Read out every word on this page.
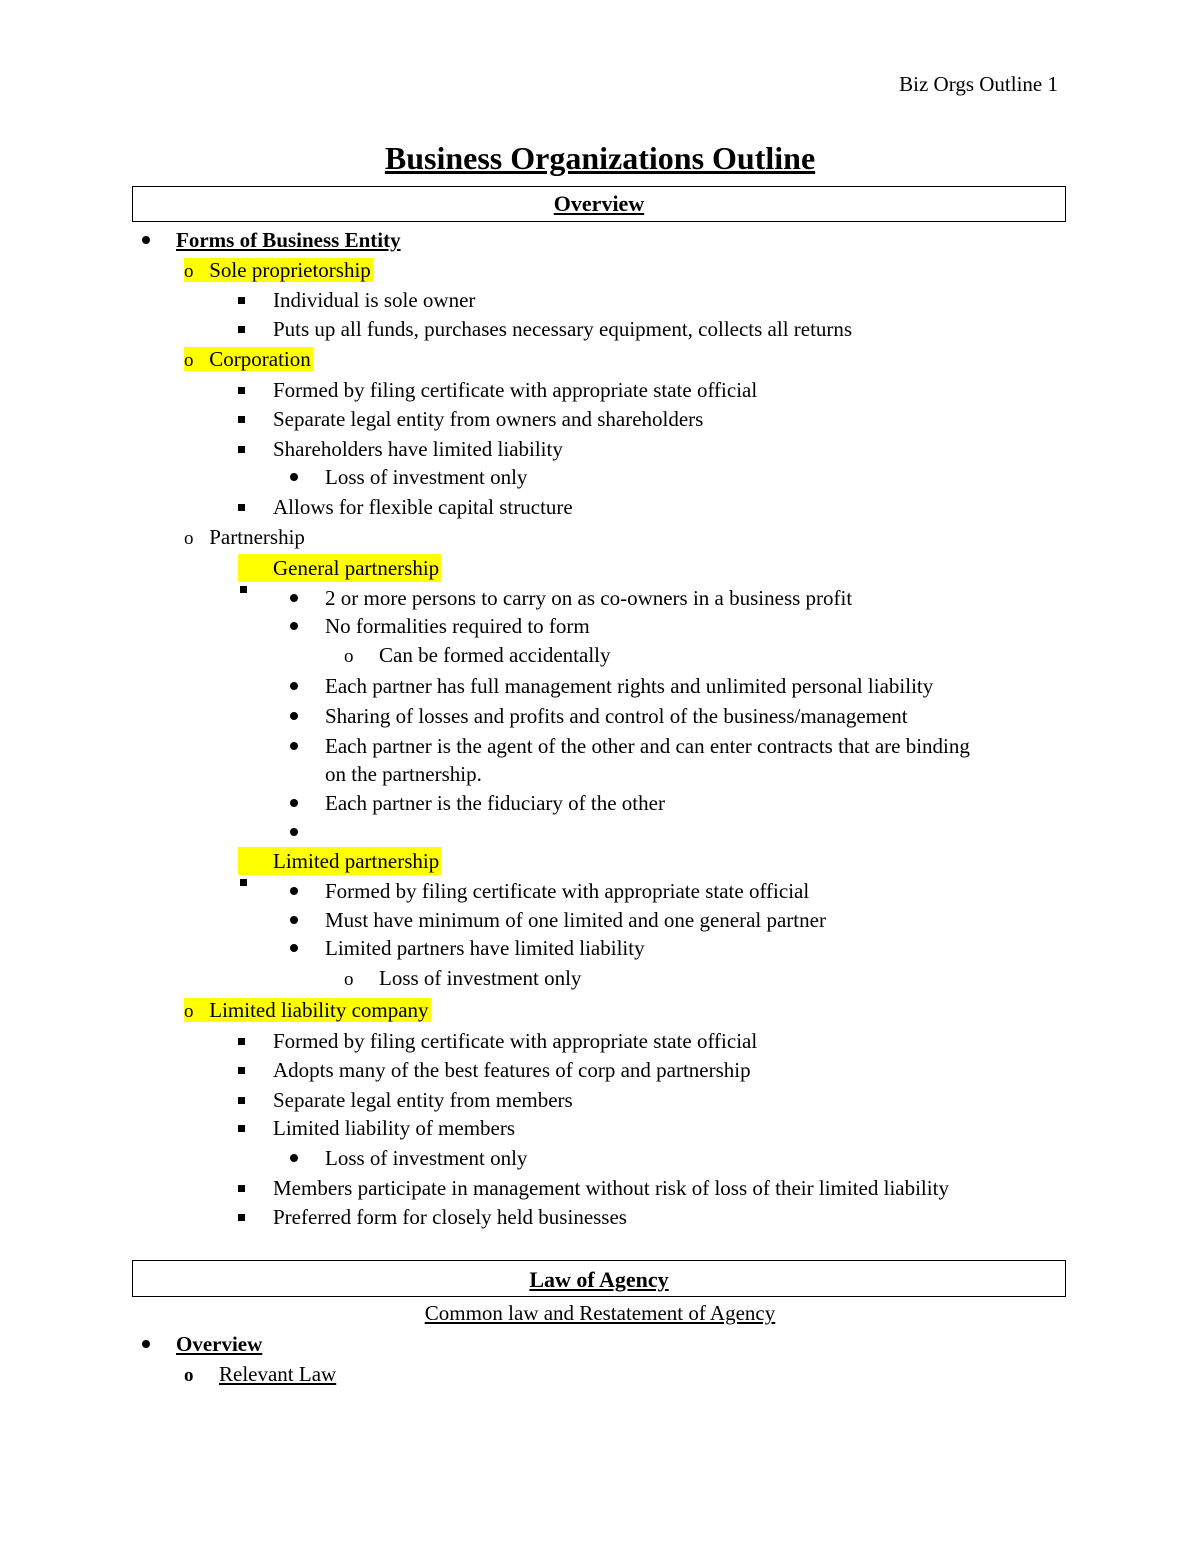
Biz Orgs Outline 1
Business Organizations Outline
Overview
Forms of Business Entity
o Sole proprietorship
Individual is sole owner
Puts up all funds, purchases necessary equipment, collects all returns
o Corporation
Formed by filing certificate with appropriate state official
Separate legal entity from owners and shareholders
Shareholders have limited liability
Loss of investment only
Allows for flexible capital structure
o Partnership
General partnership
2 or more persons to carry on as co-owners in a business profit
No formalities required to form
o Can be formed accidentally
Each partner has full management rights and unlimited personal liability
Sharing of losses and profits and control of the business/management
Each partner is the agent of the other and can enter contracts that are binding
on the partnership.
Each partner is the fiduciary of the other
Limited partnership
Formed by filing certificate with appropriate state official
Must have minimum of one limited and one general partner
Limited partners have limited liability
o Loss of investment only
o Limited liability company
Formed by filing certificate with appropriate state official
Adopts many of the best features of corp and partnership
Separate legal entity from members
Limited liability of members
Loss of investment only
Members participate in management without risk of loss of their limited liability
Preferred form for closely held businesses
Law of Agency
Common law and Restatement of Agency
Overview
o Relevant Law
